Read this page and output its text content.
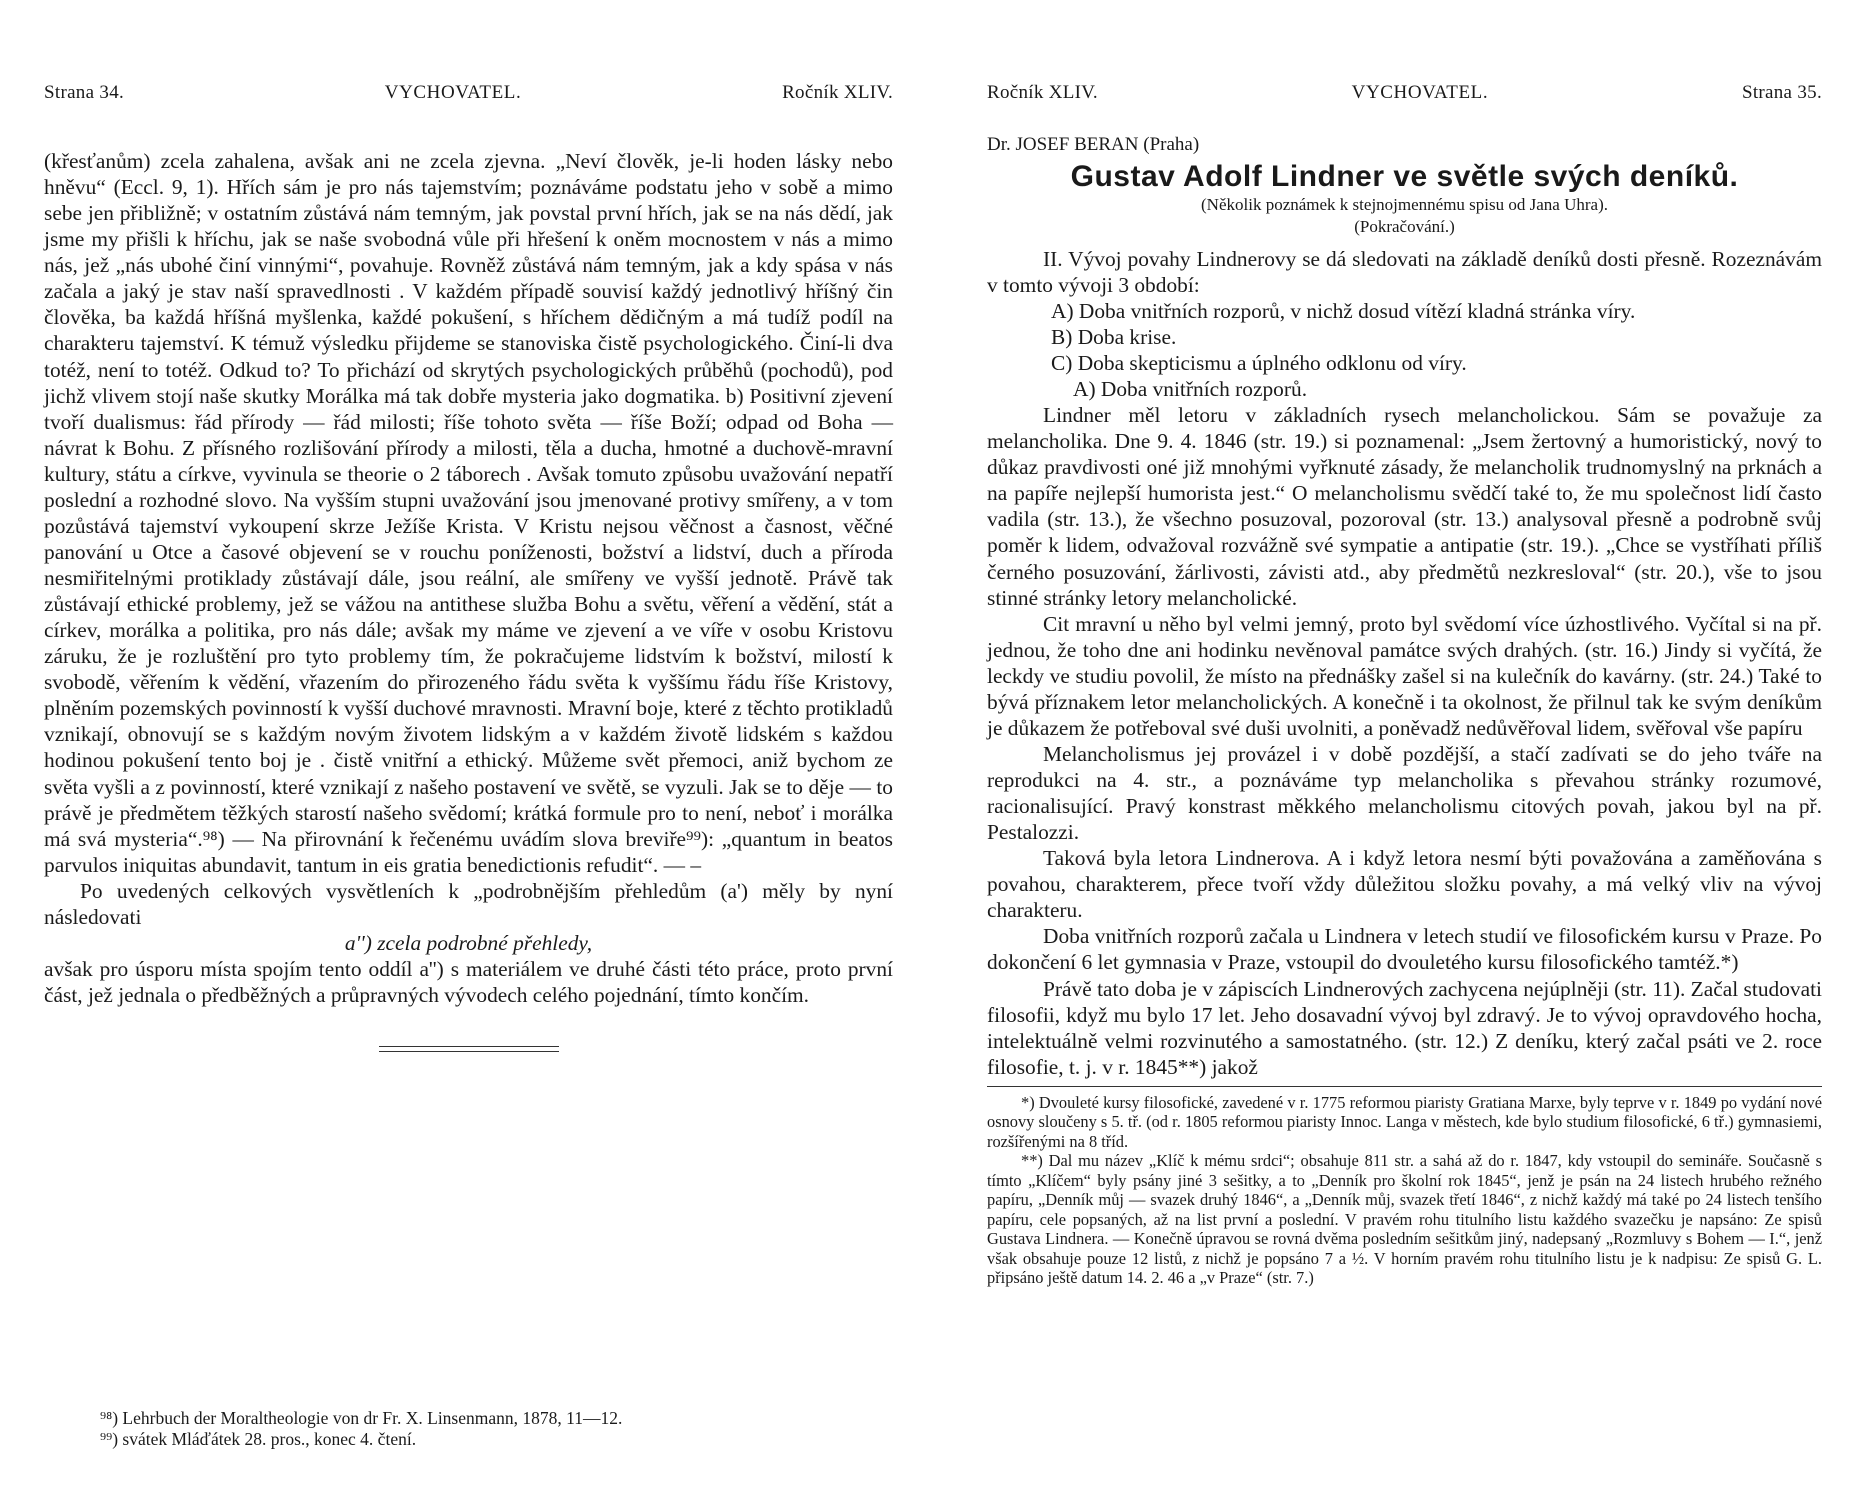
Strana 34.	VYCHOVATEL.	Ročník XLIV.

(křesťanům) zcela zahalena, avšak ani ne zcela zjevna. „Neví člověk, je-li hoden lásky nebo hněvu“ (Eccl. 9, 1). Hřích sám je pro nás tajemstvím; poznáváme podstatu jeho v sobě a mimo sebe jen přibližně; v ostatním zůstává nám temným, jak povstal první hřích, jak se na nás dědí, jak jsme my přišli k hříchu, jak se naše svobodná vůle při hřešení k oněm mocnostem v nás a mimo nás, jež „nás ubohé činí vinnými“, povahuje. Rovněž zůstává nám temným, jak a kdy spása v nás začala a jaký je stav naší spravedlnosti . V každém případě souvisí každý jednotlivý hříšný čin člověka, ba každá hříšná myšlenka, každé pokušení, s hříchem dědičným a má tudíž podíl na charakteru tajemství. K témuž výsledku přijdeme se stanoviska čistě psychologického. Činí-li dva totéž, není to totéž. Odkud to? To přichází od skrytých psychologických průběhů (pochodů), pod jichž vlivem stojí naše skutky Morálka má tak dobře mysteria jako dogmatika. b) Positivní zjevení tvoří dualismus: řád přírody — řád milosti; říše tohoto světa — říše Boží; odpad od Boha — návrat k Bohu. Z přísného rozlišování přírody a milosti, těla a ducha, hmotné a duchově-mravní kultury, státu a církve, vyvinula se theorie o 2 táborech . Avšak tomuto způsobu uvažování nepatří poslední a rozhodné slovo. Na vyšším stupni uvažování jsou jmenované protivy smířeny, a v tom pozůstává tajemství vykoupení skrze Ježíše Krista. V Kristu nejsou věčnost a časnost, věčné panování u Otce a časové objevení se v rouchu poníženosti, božství a lidství, duch a příroda nesmiřitelnými protiklady zůstávají dále, jsou reální, ale smířeny ve vyšší jednotě. Právě tak zůstávají ethické problemy, jež se vážou na antithese služba Bohu a světu, věření a vědění, stát a církev, morálka a politika, pro nás dále; avšak my máme ve zjevení a ve víře v osobu Kristovu záruku, že je rozluštění pro tyto problemy tím, že pokračujeme lidstvím k božství, milostí k svobodě, věřením k vědění, vřazením do přirozeného řádu světa k vyššímu řádu říše Kristovy, plněním pozemských povinností k vyšší duchové mravnosti. Mravní boje, které z těchto protikladů vznikají, obnovují se s každým novým životem lidským a v každém životě lidském s každou hodinou pokušení tento boj je . čistě vnitřní a ethický. Můžeme svět přemoci, aniž bychom ze světa vyšli a z povinností, které vznikají z našeho postavení ve světě, se vyzuli. Jak se to děje — to právě je předmětem těžkých starostí našeho svědomí; krátká formule pro to není, neboť i morálka má svá mysteria“.⁹⁸) — Na přirovnání k řečenému uvádím slova breviře⁹⁹): „quantum in beatos parvulos iniquitas abundavit, tantum in eis gratia benedictionis refudit“. — –

Po uvedených celkových vysvětleních k „podrobnějším přehledům (a') měly by nyní následovati

a'') zcela podrobné přehledy,

avšak pro úsporu místa spojím tento oddíl a'') s materiálem ve druhé části této práce, proto první část, jež jednala o předběžných a průpravných vývodech celého pojednání, tímto končím.

⁹⁸) Lehrbuch der Moraltheologie von dr Fr. X. Linsenmann, 1878, 11—12.

⁹⁹) svátek Mláďátek 28. pros., konec 4. čtení.

Ročník XLIV.	VYCHOVATEL.	Strana 35.

Dr. JOSEF BERAN (Praha)

Gustav Adolf Lindner ve světle svých deníků.

(Několik poznámek k stejnojmennému spisu od Jana Uhra).

(Pokračování.)

II. Vývoj povahy Lindnerovy se dá sledovati na základě deníků dosti přesně. Rozeznávám v tomto vývoji 3 období:

A) Doba vnitřních rozporů, v nichž dosud vítězí kladná stránka víry.

B) Doba krise.

C) Doba skepticismu a úplného odklonu od víry.

A) Doba vnitřních rozporů.

Lindner měl letoru v základních rysech melancholickou. Sám se považuje za melancholika. Dne 9. 4. 1846 (str. 19.) si poznamenal: „Jsem žertovný a humoristický, nový to důkaz pravdivosti oné již mnohými vyřknuté zásady, že melancholik trudnomyslný na prknách a na papíře nejlepší humorista jest.“ O melancholismu svědčí také to, že mu společnost lidí často vadila (str. 13.), že všechno posuzoval, pozoroval (str. 13.) analysoval přesně a podrobně svůj poměr k lidem, odvažoval rozvážně své sympatie a antipatie (str. 19.). „Chce se vystříhati příliš černého posuzování, žárlivosti, závisti atd., aby předmětů nezkresloval“ (str. 20.), vše to jsou stinné stránky letory melancholické.

Cit mravní u něho byl velmi jemný, proto byl svědomí více úzhostlivého. Vyčítal si na př. jednou, že toho dne ani hodinku nevěnoval památce svých drahých. (str. 16.) Jindy si vyčítá, že leckdy ve studiu povolil, že místo na přednášky zašel si na kulečník do kavárny. (str. 24.) Také to bývá příznakem letor melancholických. A konečně i ta okolnost, že přilnul tak ke svým deníkům je důkazem že potřeboval své duši uvolniti, a poněvadž nedůvěřoval lidem, svěřoval vše papíru

Melancholismus jej provázel i v době pozdější, a stačí zadívati se do jeho tváře na reprodukci na 4. str., a poznáváme typ melancholika s převahou stránky rozumové, racionalisující. Pravý konstrast měkkého melancholismu citových povah, jakou byl na př. Pestalozzi.

Taková byla letora Lindnerova. A i když letora nesmí býti považována a zaměňována s povahou, charakterem, přece tvoří vždy důležitou složku povahy, a má velký vliv na vývoj charakteru.

Doba vnitřních rozporů začala u Lindnera v letech studií ve filosofickém kursu v Praze. Po dokončení 6 let gymnasia v Praze, vstoupil do dvouletého kursu filosofického tamtéž.*)

Právě tato doba je v zápiscích Lindnerových zachycena nejúplněji (str. 11). Začal studovati filosofii, když mu bylo 17 let. Jeho dosavadní vývoj byl zdravý. Je to vývoj opravdového hocha, intelektuálně velmi rozvinutého a samostatného. (str. 12.) Z deníku, který začal psáti ve 2. roce filosofie, t. j. v r. 1845**) jakož

*) Dvouleté kursy filosofické, zavedené v r. 1775 reformou piaristy Gratiana Marxe, byly teprve v r. 1849 po vydání nové osnovy sloučeny s 5. tř. (od r. 1805 reformou piaristy Innoc. Langa v městech, kde bylo studium filosofické, 6 tř.) gymnasiemi, rozšířenými na 8 tříd.

**) Dal mu název „Klíč k mému srdci“; obsahuje 811 str. a sahá až do r. 1847, kdy vstoupil do semináře. Současně s tímto „Klíčem“ byly psány jiné 3 sešitky, a to „Denník pro školní rok 1845“, jenž je psán na 24 listech hrubého režného papíru, „Denník můj — svazek druhý 1846“, a „Denník můj, svazek třetí 1846“, z nichž každý má také po 24 listech tenšího papíru, cele popsaných, až na list první a poslední. V pravém rohu titulního listu každého svazečku je napsáno: Ze spisů Gustava Lindnera. — Konečně úpravou se rovná dvěma posledním sešitkům jiný, nadepsaný „Rozmluvy s Bohem — I.“, jenž však obsahuje pouze 12 listů, z nichž je popsáno 7 a ½. V horním pravém rohu titulního listu je k nadpisu: Ze spisů G. L. připsáno ještě datum 14. 2. 46 a „v Praze“ (str. 7.)
